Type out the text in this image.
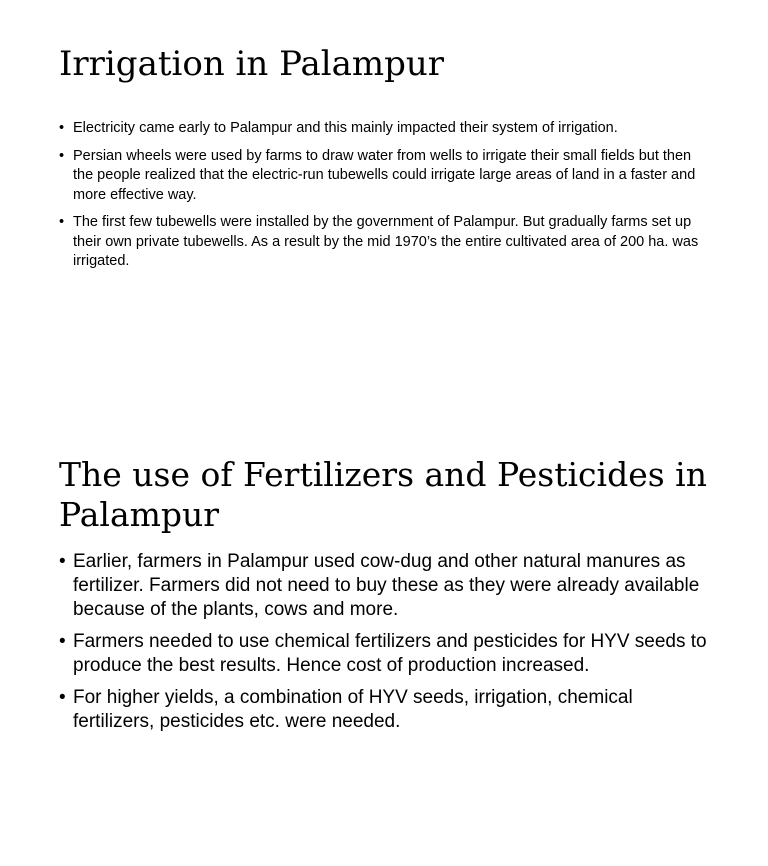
Irrigation in Palampur
• Electricity came early to Palampur and this mainly impacted their system of irrigation.
• Persian wheels were used by farms to draw water from wells to irrigate their small fields but then the people realized that the electric-run tubewells could irrigate large areas of land in a faster and more effective way.
• The first few tubewells were installed by the government of Palampur. But gradually farms set up their own private tubewells. As a result by the mid 1970’s the entire cultivated area of 200 ha. was irrigated.
The use of Fertilizers and Pesticides in Palampur
• Earlier, farmers in Palampur used cow-dug and other natural manures as fertilizer. Farmers did not need to buy these as they were already available because of the plants, cows and more.
• Farmers needed to use chemical fertilizers and pesticides for HYV seeds to produce the best results. Hence cost of production increased.
• For higher yields, a combination of HYV seeds, irrigation, chemical fertilizers, pesticides etc. were needed.
